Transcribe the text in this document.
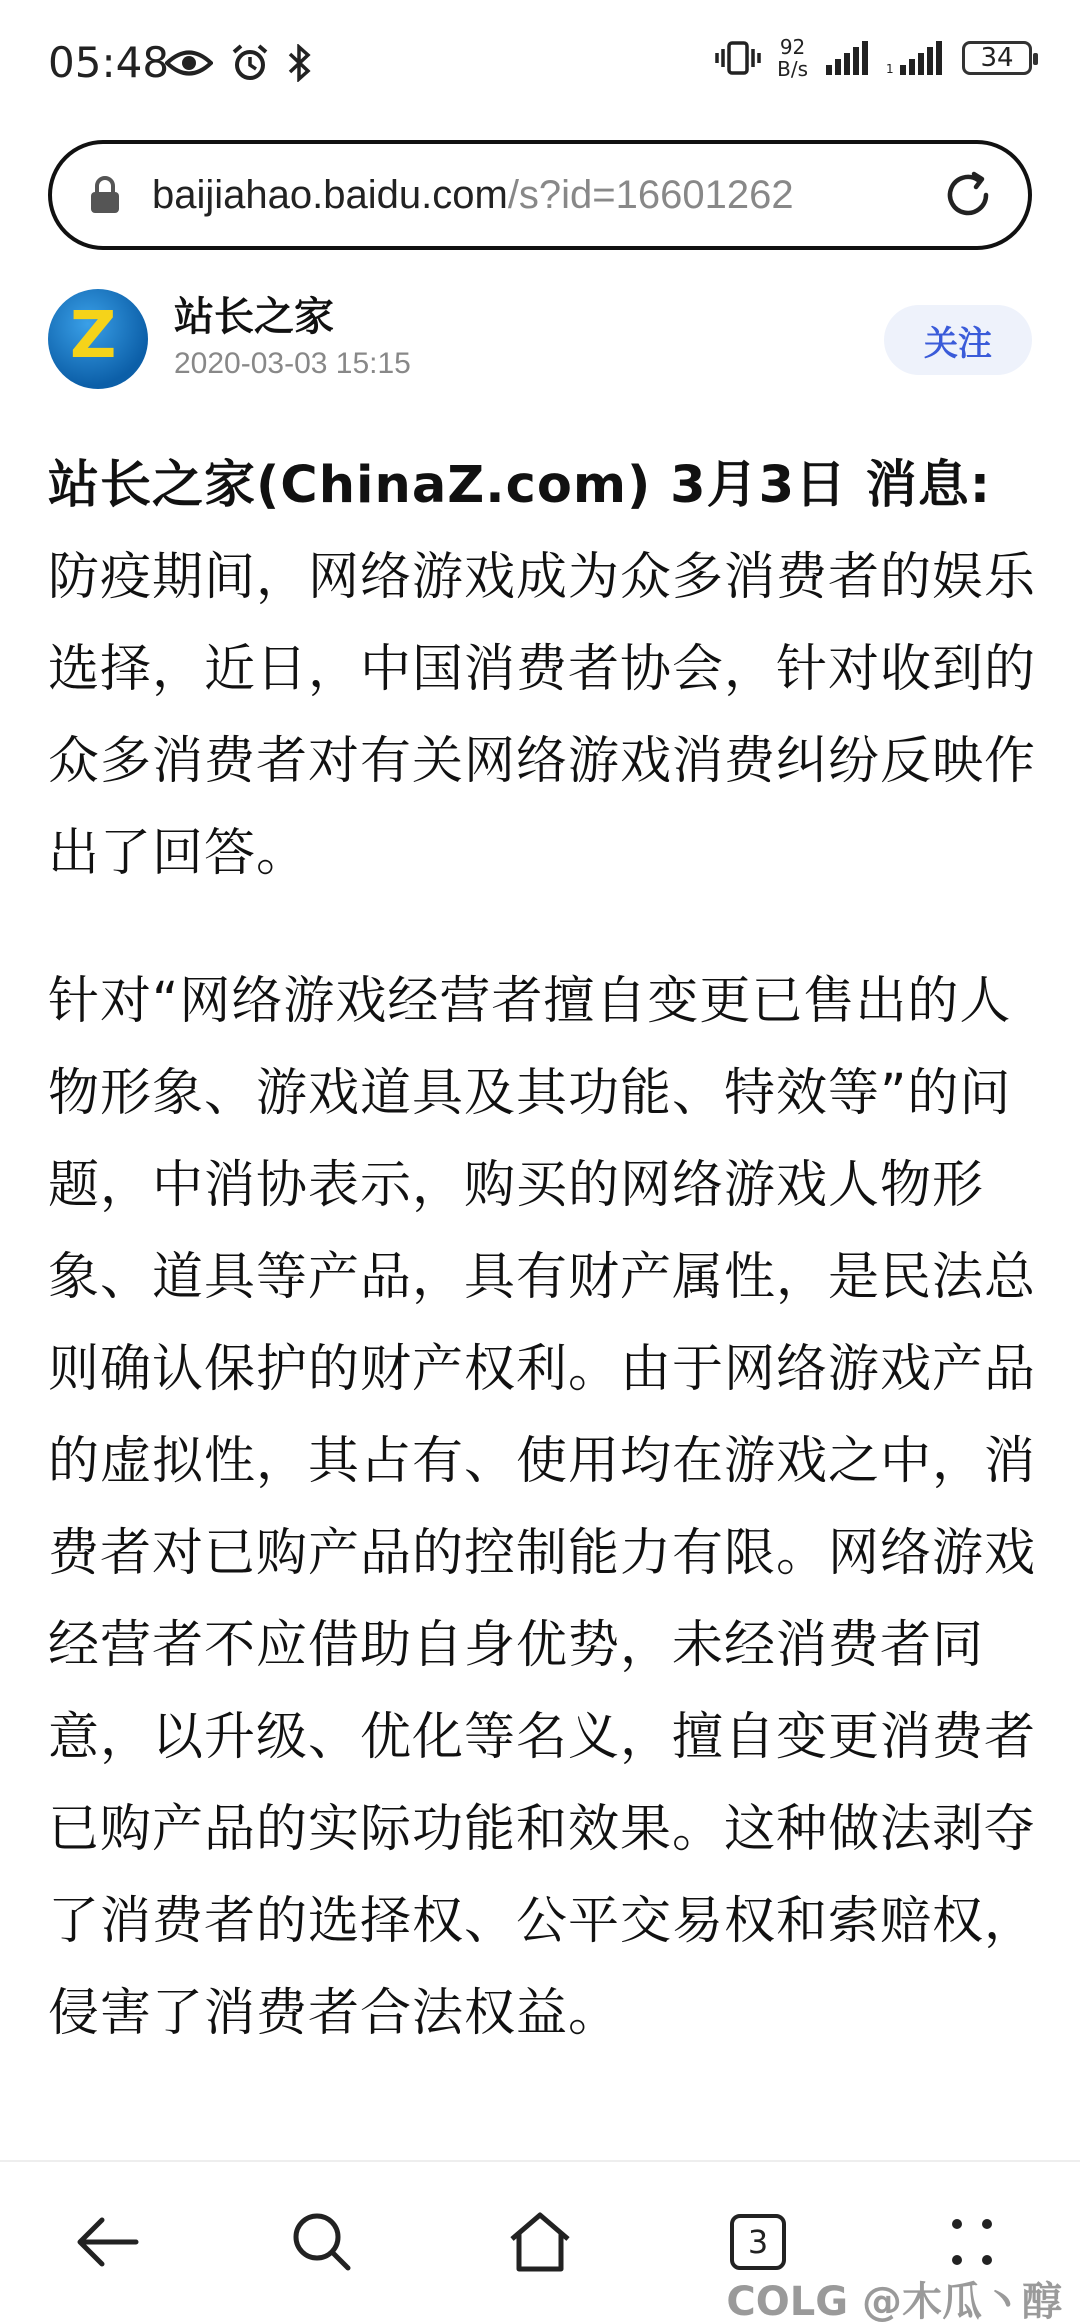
05:48	92
B/s	1	34
baijiahao.baidu.com/s?id=16601262
Z 站长之家
2020-03-03 15:15	关注

站长之家(ChinaZ.com) 3月3日 消息:防疫期间，网络游戏成为众多消费者的娱乐选择，近日，中国消费者协会，针对收到的众多消费者对有关网络游戏消费纠纷反映作出了回答。

针对“网络游戏经营者擅自变更已售出的人物形象、游戏道具及其功能、特效等”的问题，中消协表示，购买的网络游戏人物形象、道具等产品，具有财产属性，是民法总则确认保护的财产权利。由于网络游戏产品的虚拟性，其占有、使用均在游戏之中，消费者对已购产品的控制能力有限。网络游戏经营者不应借助自身优势，未经消费者同意，以升级、优化等名义，擅自变更消费者已购产品的实际功能和效果。这种做法剥夺了消费者的选择权、公平交易权和索赔权，侵害了消费者合法权益。

3
COLG @木瓜丶醇
